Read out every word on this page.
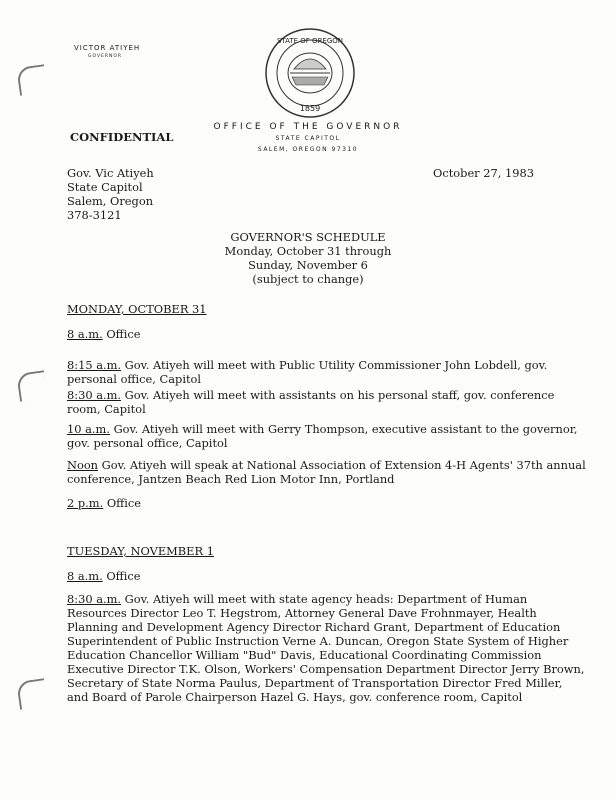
VICTOR ATIYEH
GOVERNOR
STATE OF OREGON
1859
OFFICE OF THE GOVERNOR
STATE CAPITOL
SALEM, OREGON 97310
CONFIDENTIAL
Gov. Vic Atiyeh
State Capitol
Salem, Oregon
378-3121
October 27, 1983
GOVERNOR'S SCHEDULE
Monday, October 31 through
Sunday, November 6
(subject to change)
MONDAY, OCTOBER 31
8 a.m. Office
8:15 a.m. Gov. Atiyeh will meet with Public Utility Commissioner John Lobdell, gov. personal office, Capitol
8:30 a.m. Gov. Atiyeh will meet with assistants on his personal staff, gov. conference room, Capitol
10 a.m. Gov. Atiyeh will meet with Gerry Thompson, executive assistant to the governor, gov. personal office, Capitol
Noon Gov. Atiyeh will speak at National Association of Extension 4-H Agents' 37th annual conference, Jantzen Beach Red Lion Motor Inn, Portland
2 p.m. Office
TUESDAY, NOVEMBER 1
8 a.m. Office
8:30 a.m. Gov. Atiyeh will meet with state agency heads: Department of Human Resources Director Leo T. Hegstrom, Attorney General Dave Frohnmayer, Health Planning and Development Agency Director Richard Grant, Department of Education Superintendent of Public Instruction Verne A. Duncan, Oregon State System of Higher Education Chancellor William "Bud" Davis, Educational Coordinating Commission Executive Director T.K. Olson, Workers' Compensation Department Director Jerry Brown, Secretary of State Norma Paulus, Department of Transportation Director Fred Miller, and Board of Parole Chairperson Hazel G. Hays, gov. conference room, Capitol
